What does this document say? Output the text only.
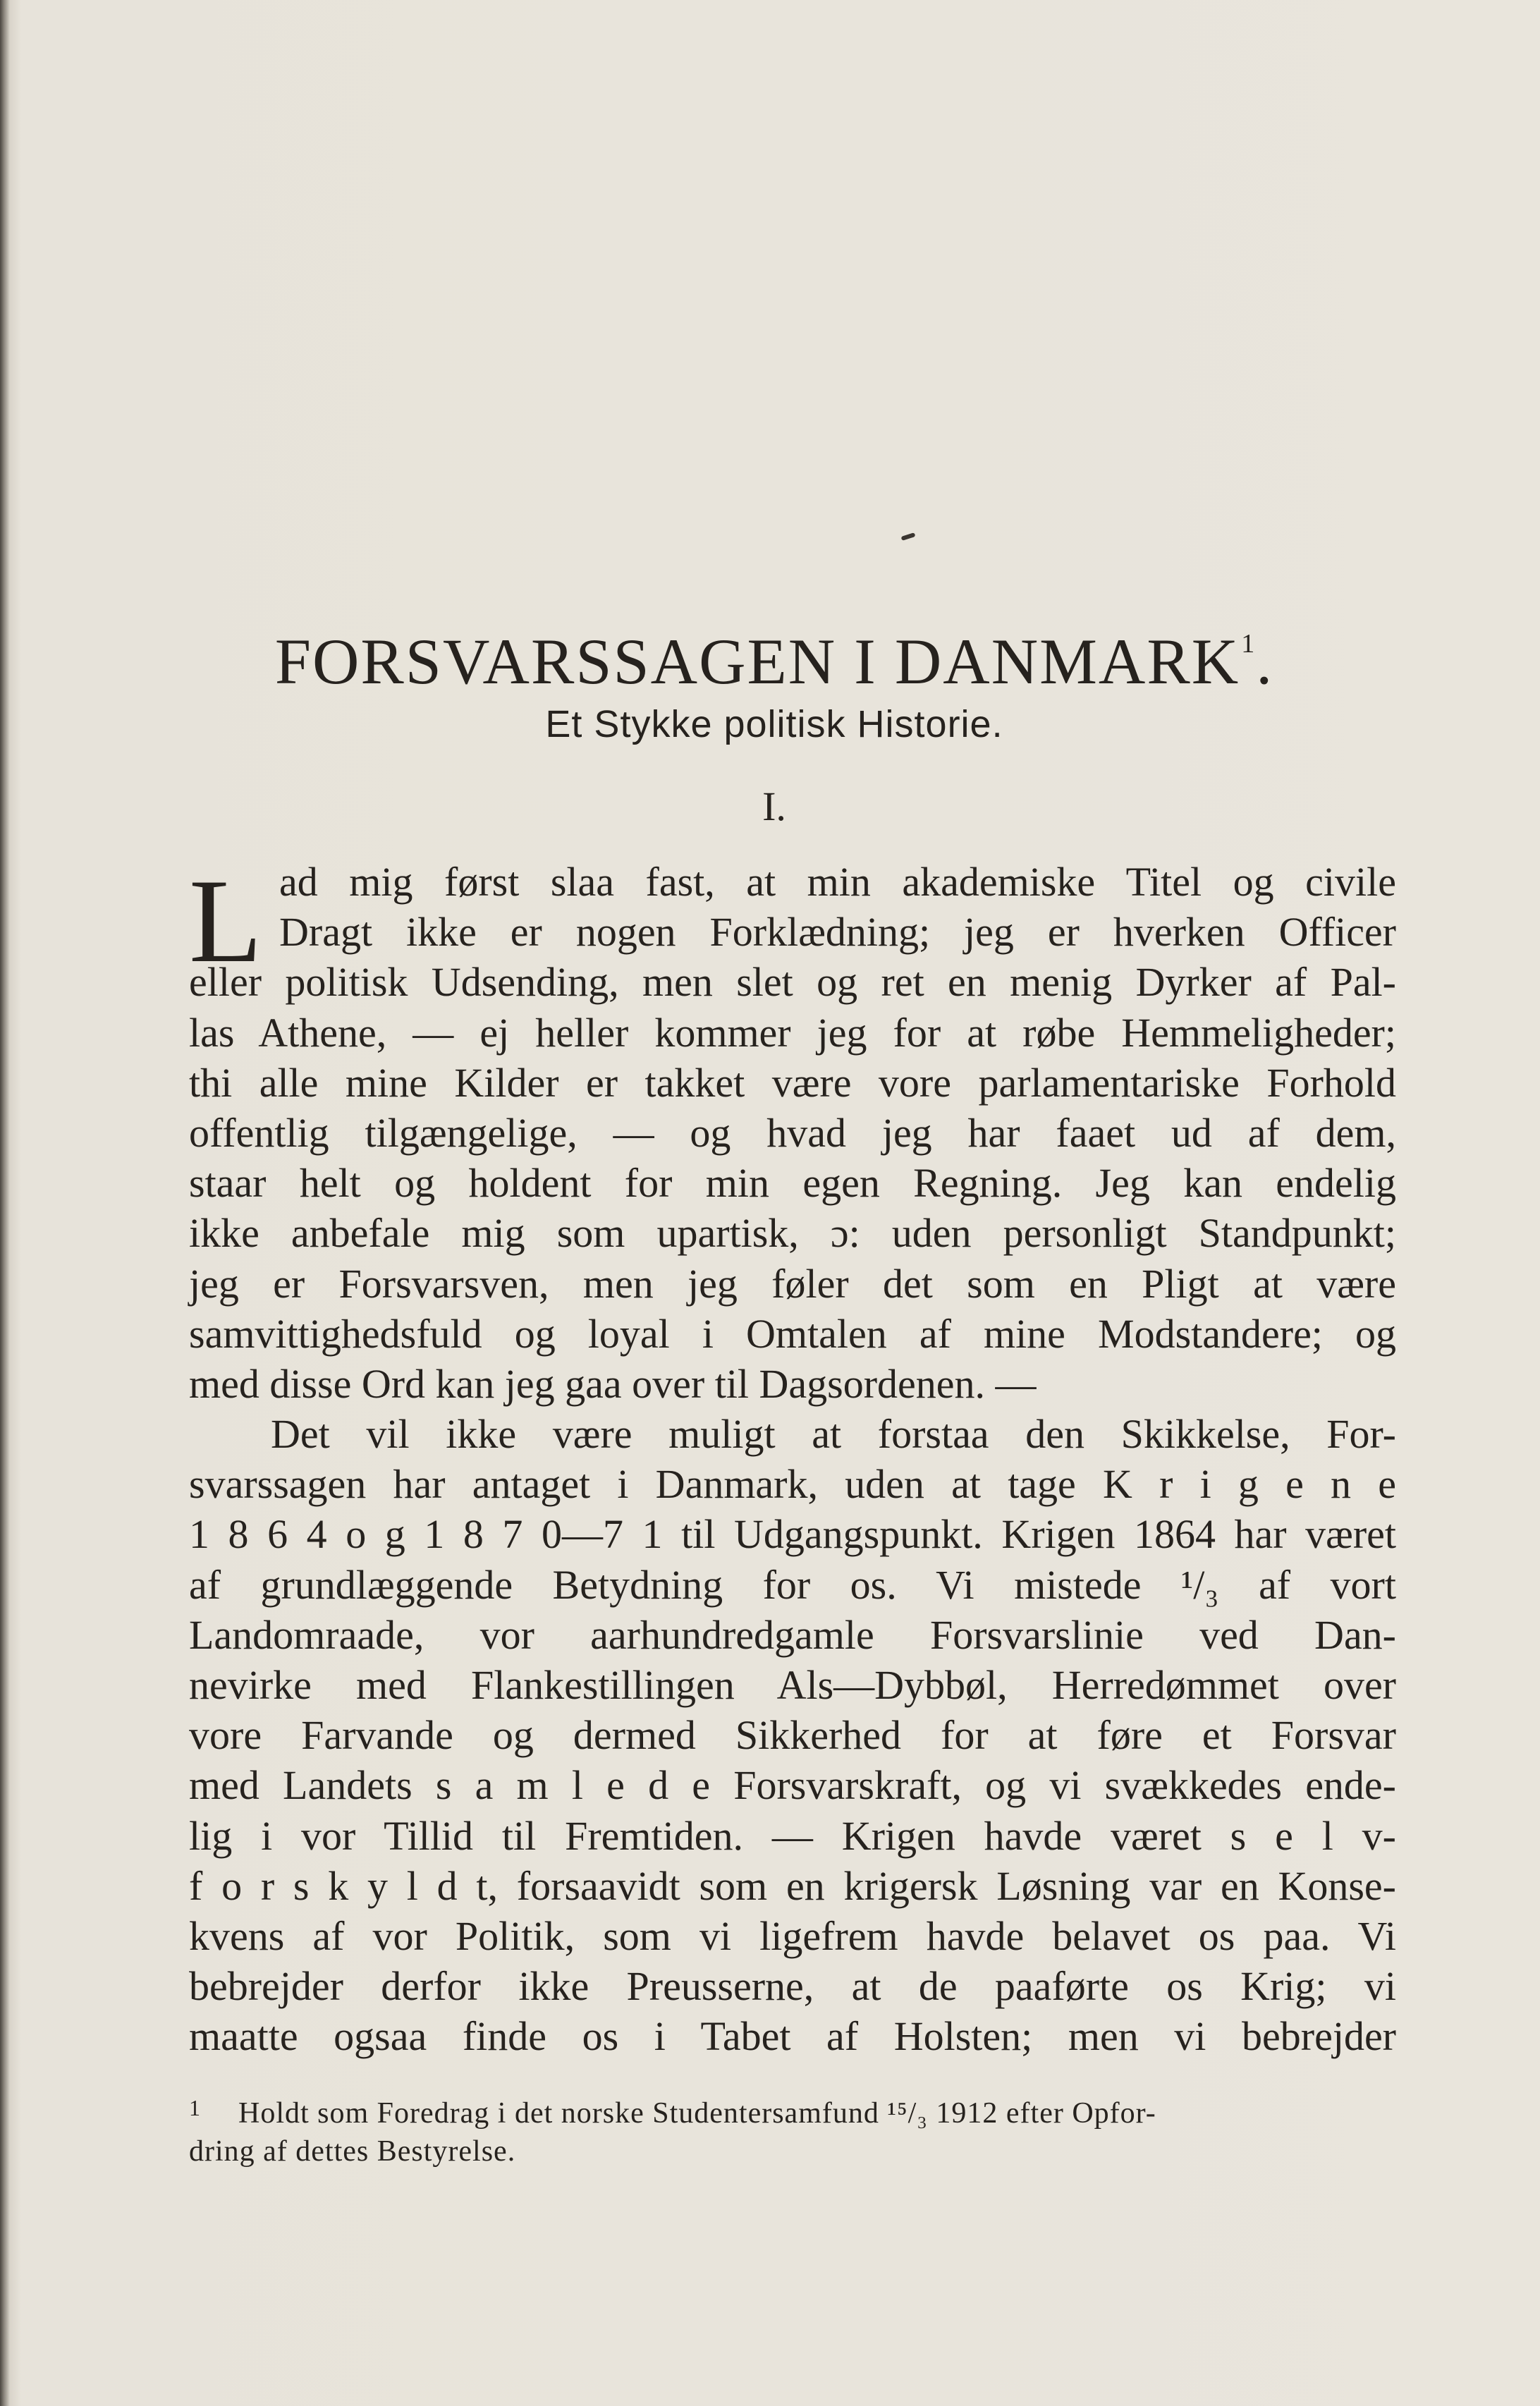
FORSVARSSAGEN I DANMARK$^1$.
Et Stykke politisk Historie.
I.
L ad mig først slaa fast, at min akademiske Titel og civile
Dragt ikke er nogen Forklædning; jeg er hverken Officer
eller politisk Udsending, men slet og ret en menig Dyrker af Pal-
las Athene, — ej heller kommer jeg for at røbe Hemmeligheder;
thi alle mine Kilder er takket være vore parlamentariske Forhold
offentlig tilgængelige, — og hvad jeg har faaet ud af dem,
staar helt og holdent for min egen Regning. Jeg kan endelig
ikke anbefale mig som upartisk, ɔ: uden personligt Standpunkt;
jeg er Forsvarsven, men jeg føler det som en Pligt at være
samvittighedsfuld og loyal i Omtalen af mine Modstandere; og
med disse Ord kan jeg gaa over til Dagsordenen. —
Det vil ikke være muligt at forstaa den Skikkelse, For-
svarssagen har antaget i Danmark, uden at tage K r i g e n e
1 8 6 4 o g 1 8 7 0—7 1 til Udgangspunkt. Krigen 1864 har været
af grundlæggende Betydning for os. Vi mistede ¹/₃ af vort
Landomraade, vor aarhundredgamle Forsvarslinie ved Dan-
nevirke med Flankestillingen Als—Dybbøl, Herredømmet over
vore Farvande og dermed Sikkerhed for at føre et Forsvar
med Landets s a m l e d e Forsvarskraft, og vi svækkedes ende-
lig i vor Tillid til Fremtiden. — Krigen havde været s e l v-
f o r s k y l d t, forsaavidt som en krigersk Løsning var en Konse-
kvens af vor Politik, som vi ligefrem havde belavet os paa. Vi
bebrejder derfor ikke Preusserne, at de paaførte os Krig; vi
maatte ogsaa finde os i Tabet af Holsten; men vi bebrejder
1 Holdt som Foredrag i det norske Studentersamfund ¹⁵/₃ 1912 efter Opfor-
dring af dettes Bestyrelse.
